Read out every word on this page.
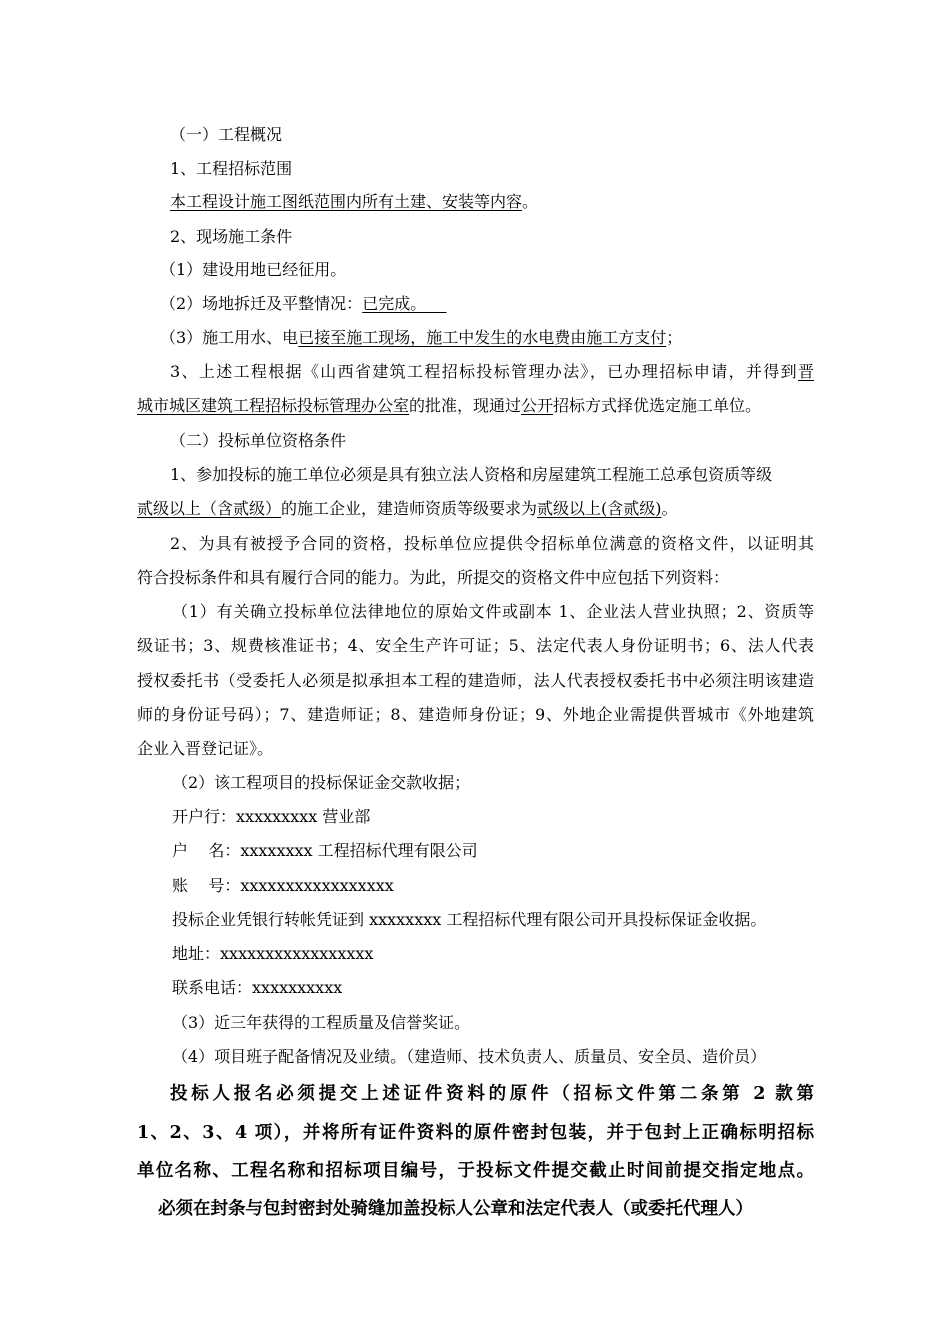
（一）工程概况
1、工程招标范围
本工程设计施工图纸范围内所有土建、安装等内容。
2、现场施工条件
（1）建设用地已经征用。
（2）场地拆迁及平整情况：已完成。
（3）施工用水、电已接至施工现场，施工中发生的水电费由施工方支付；
3、上述工程根据《山西省建筑工程招标投标管理办法》，已办理招标申请，并得到晋
城市城区建筑工程招标投标管理办公室的批准，现通过公开招标方式择优选定施工单位。
（二）投标单位资格条件
1、参加投标的施工单位必须是具有独立法人资格和房屋建筑工程施工总承包资质等级
贰级以上（含贰级）的施工企业，建造师资质等级要求为贰级以上(含贰级)。
2、为具有被授予合同的资格，投标单位应提供令招标单位满意的资格文件，以证明其
符合投标条件和具有履行合同的能力。为此，所提交的资格文件中应包括下列资料：
（1）有关确立投标单位法律地位的原始文件或副本 1、企业法人营业执照；2、资质等
级证书；3、规费核准证书；4、安全生产许可证；5、法定代表人身份证明书；6、法人代表
授权委托书（受委托人必须是拟承担本工程的建造师，法人代表授权委托书中必须注明该建造
师的身份证号码）；7、建造师证；8、建造师身份证；9、外地企业需提供晋城市《外地建筑
企业入晋登记证》。
（2）该工程项目的投标保证金交款收据；
开户行：xxxxxxxxx 营业部
户    名：xxxxxxxx 工程招标代理有限公司
账    号：xxxxxxxxxxxxxxxxx
投标企业凭银行转帐凭证到 xxxxxxxx 工程招标代理有限公司开具投标保证金收据。
地址：xxxxxxxxxxxxxxxxx
联系电话：xxxxxxxxxx
（3）近三年获得的工程质量及信誉奖证。
（4）项目班子配备情况及业绩。（建造师、技术负责人、质量员、安全员、造价员）
投标人报名必须提交上述证件资料的原件（招标文件第二条第 2 款第
1、2、3、4 项），并将所有证件资料的原件密封包装，并于包封上正确标明招标
单位名称、工程名称和招标项目编号，于投标文件提交截止时间前提交指定地点。
必须在封条与包封密封处骑缝加盖投标人公章和法定代表人（或委托代理人）
